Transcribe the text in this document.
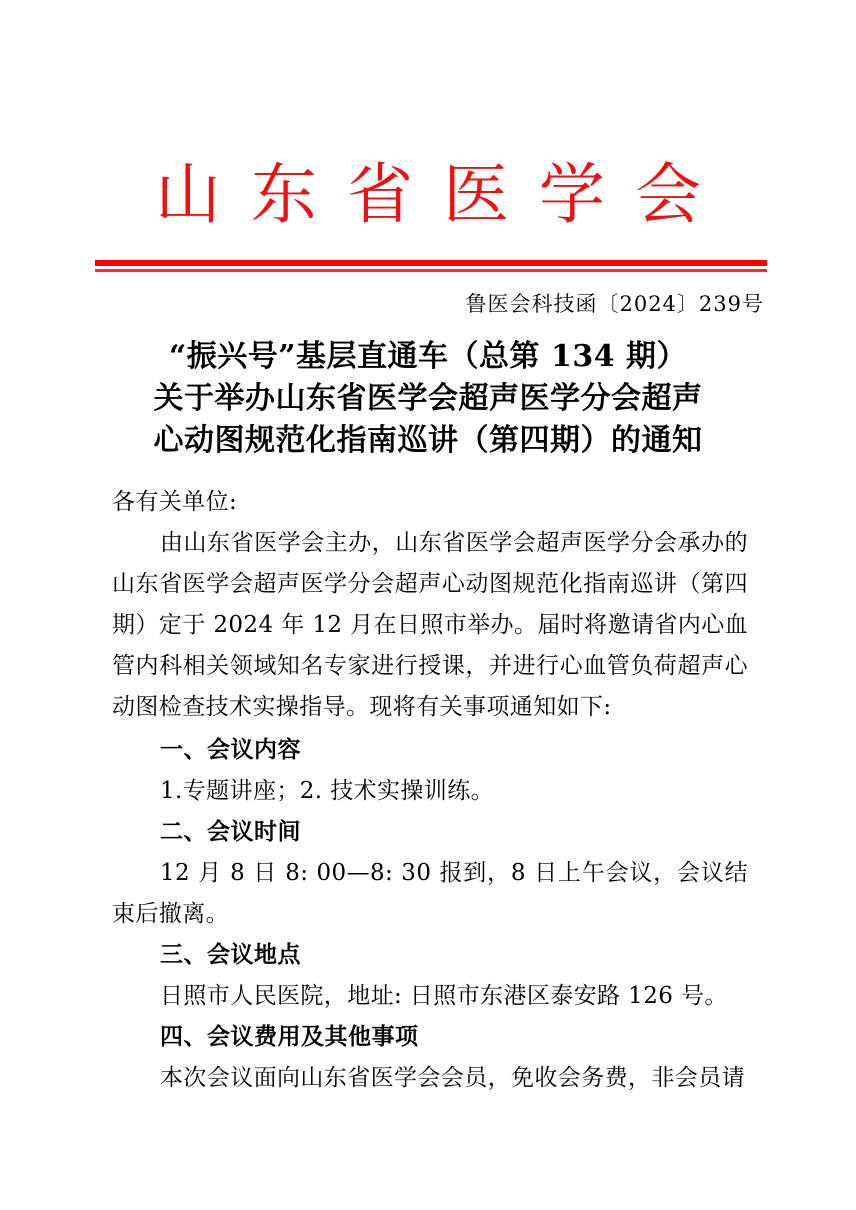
山东省医学会
鲁医会科技函〔2024〕239号
“振兴号”基层直通车（总第 134 期）
关于举办山东省医学会超声医学分会超声
心动图规范化指南巡讲（第四期）的通知

各有关单位:

由山东省医学会主办，山东省医学会超声医学分会承办的山东省医学会超声医学分会超声心动图规范化指南巡讲（第四期）定于 2024 年 12 月在日照市举办。届时将邀请省内心血管内科相关领域知名专家进行授课，并进行心血管负荷超声心动图检查技术实操指导。现将有关事项通知如下:

一、会议内容

1.专题讲座；2. 技术实操训练。

二、会议时间

12 月 8 日 8: 00—8: 30 报到，8 日上午会议，会议结束后撤离。

三、会议地点

日照市人民医院，地址: 日照市东港区泰安路 126 号。

四、会议费用及其他事项

本次会议面向山东省医学会会员，免收会务费，非会员请
